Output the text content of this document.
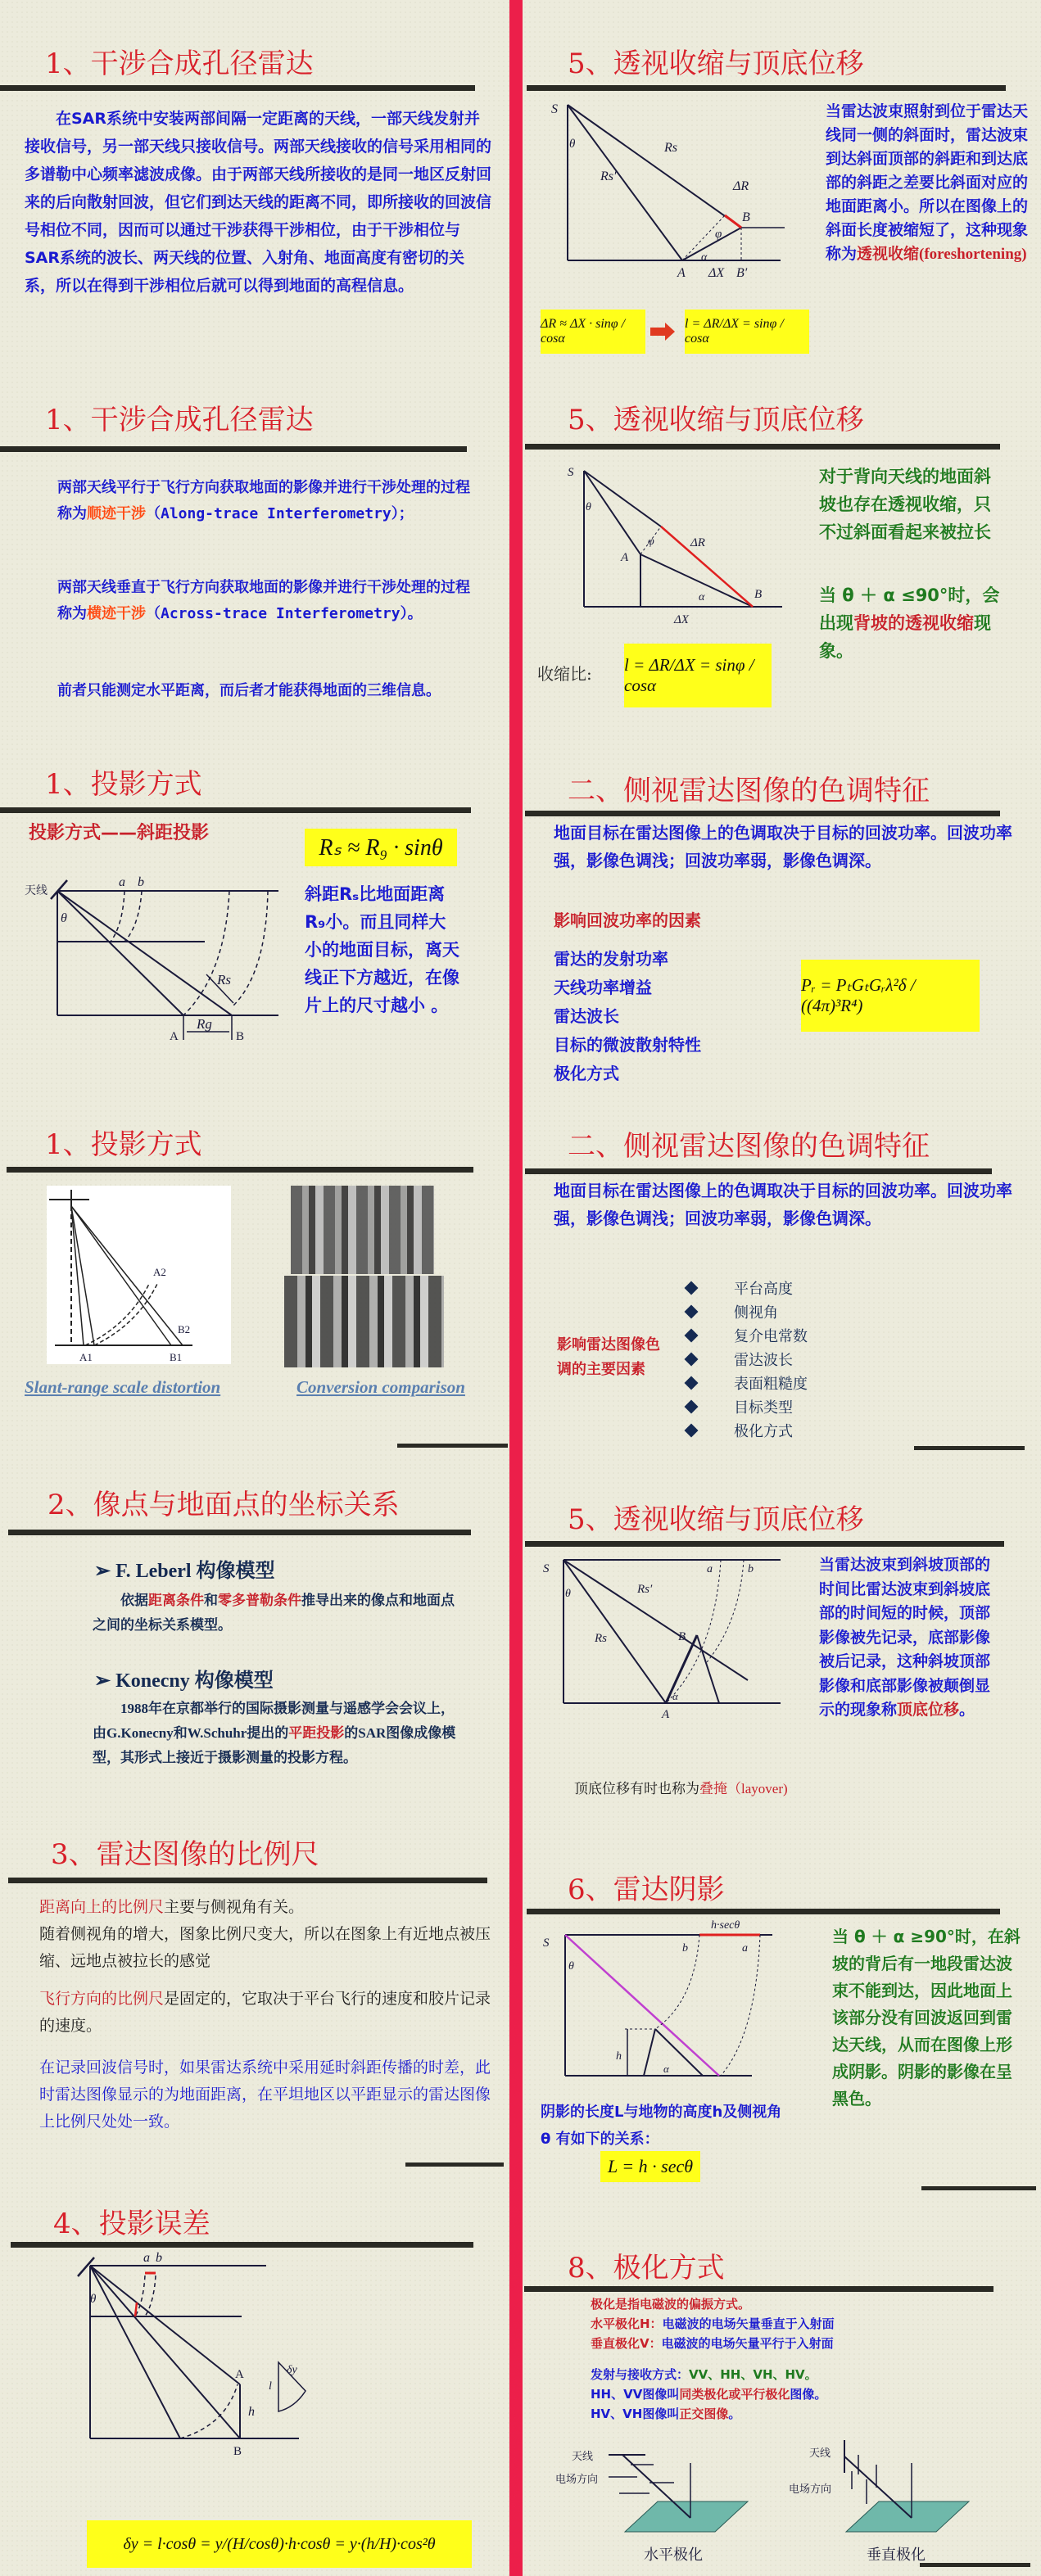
1、干涉合成孔径雷达
在SAR系统中安装两部间隔一定距离的天线，一部天线发射并接收信号，另一部天线只接收信号。两部天线接收的信号采用相同的多谱勒中心频率滤波成像。由于两部天线所接收的是同一地区反射回来的后向散射回波，但它们到达天线的距离不同，即所接收的回波信号相位不同，因而可以通过干涉获得干涉相位，由于干涉相位与SAR系统的波长、两天线的位置、入射角、地面高度有密切的关系，所以在得到干涉相位后就可以得到地面的高程信息。
1、干涉合成孔径雷达
两部天线平行于飞行方向获取地面的影像并进行干涉处理的过程称为顺迹干涉（Along-trace Interferometry）；
两部天线垂直于飞行方向获取地面的影像并进行干涉处理的过程称为横迹干涉（Across-trace Interferometry）。
前者只能测定水平距离，而后者才能获得地面的三维信息。
1、投影方式
投影方式——斜距投影
Rₛ ≈ R₉ · sinθ
天线
a b
θ
Rs
Rg
A	B
斜距Rₛ比地面距离R₉小。而且同样大小的地面目标，离天线正下方越近，在像片上的尺寸越小 。
1、投影方式
A1
A2
B1
B2
Slant-range scale distortion	Conversion comparison
2、像点与地面点的坐标关系
➢ F. Leberl 构像模型
依据距离条件和零多普勒条件推导出来的像点和地面点之间的坐标关系模型。
➢ Konecny 构像模型
1988年在京都举行的国际摄影测量与遥感学会会议上，由G.Konecny和W.Schuhr提出的平距投影的SAR图像成像模型，其形式上接近于摄影测量的投影方程。
3、雷达图像的比例尺
距离向上的比例尺主要与侧视角有关。
随着侧视角的增大，图象比例尺变大，所以在图象上有近地点被压缩、远地点被拉长的感觉
飞行方向的比例尺是固定的，它取决于平台飞行的速度和胶片记录的速度。
在记录回波信号时，如果雷达系统中采用延时斜距传播的时差，此时雷达图像显示的为地面距离，在平坦地区以平距显示的雷达图像上比例尺处处一致。
4、投影误差
a b
θ
A
B
h
δy
l
δy = l·cosθ = y/(H/cosθ)·h·cosθ = y·(h/H)·cos²θ
5、透视收缩与顶底位移
S
θ	Rs
Rs′
ΔR
B
φ
α
A ΔX B′
当雷达波束照射到位于雷达天线同一侧的斜面时，雷达波束到达斜面顶部的斜距和到达底部的斜距之差要比斜面对应的地面距离小。所以在图像上的斜面长度被缩短了，这种现象称为透视收缩(foreshortening)
ΔR ≈ ΔX · sinφ / cosα
l = ΔR/ΔX = sinφ / cosα
5、透视收缩与顶底位移
S
θ
A
φ	ΔR
α	B
ΔX
对于背向天线的地面斜坡也存在透视收缩，只不过斜面看起来被拉长
当 θ ＋ α ≤90°时，会出现背坡的透视收缩现象。
收缩比: l = ΔR/ΔX = sinφ / cosα
二、侧视雷达图像的色调特征
地面目标在雷达图像上的色调取决于目标的回波功率。回波功率强，影像色调浅；回波功率弱，影像色调深。
影响回波功率的因素
雷达的发射功率
天线功率增益
雷达波长
目标的微波散射特性
极化方式
Pᵣ = PₜGₜGᵣλ²δ / ((4π)³R⁴)
二、侧视雷达图像的色调特征
地面目标在雷达图像上的色调取决于目标的回波功率。回波功率强，影像色调浅；回波功率弱，影像色调深。
影响雷达图像色调的主要因素
平台高度
侧视角
复介电常数
雷达波长
表面粗糙度
目标类型
极化方式
5、透视收缩与顶底位移
S
θ
Rs
Rs′
a	b
B
α
A
当雷达波束到斜坡顶部的时间比雷达波束到斜坡底部的时间短的时候，顶部影像被先记录，底部影像被后记录，这种斜坡顶部影像和底部影像被颠倒显示的现象称顶底位移。
顶底位移有时也称为叠掩（layover)
6、雷达阴影
S
θ
h·secθ
b	a
h
α
当 θ ＋ α ≥90°时，在斜坡的背后有一地段雷达波束不能到达，因此地面上该部分没有回波返回到雷达天线，从而在图像上形成阴影。阴影的影像在呈黑色。
阴影的长度L与地物的高度h及侧视角 θ 有如下的关系：
L = h · secθ
8、极化方式
极化是指电磁波的偏振方式。
水平极化H：电磁波的电场矢量垂直于入射面
垂直极化V：电磁波的电场矢量平行于入射面
发射与接收方式：VV、HH、VH、HV。
HH、VV图像叫同类极化或平行极化图像。
HV、VH图像叫正交图像。
天线
电场方向
水平极化
天线
电场方向
垂直极化
